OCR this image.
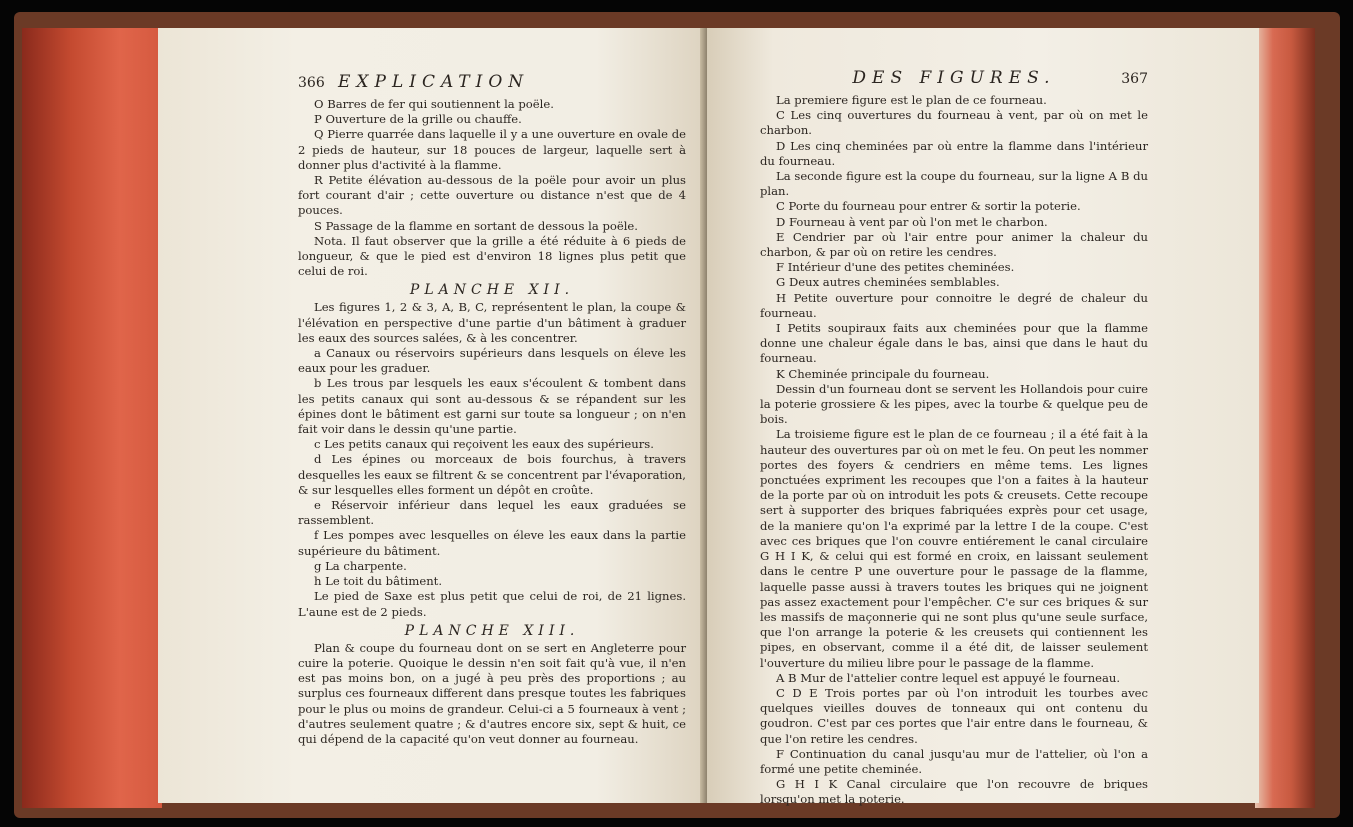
366 EXPLICATION

O Barres de fer qui soutiennent la poële.

P Ouverture de la grille ou chauffe.

Q Pierre quarrée dans laquelle il y a une ouverture en ovale de 2 pieds de hauteur, sur 18 pouces de largeur, laquelle sert à donner plus d'activité à la flamme.

R Petite élévation au-dessous de la poële pour avoir un plus fort courant d'air ; cette ouverture ou distance n'est que de 4 pouces.

S Passage de la flamme en sortant de dessous la poële.

Nota. Il faut observer que la grille a été réduite à 6 pieds de longueur, & que le pied est d'environ 18 lignes plus petit que celui de roi.

PLANCHE XII.

Les figures 1, 2 & 3, A, B, C, représentent le plan, la coupe & l'élévation en perspective d'une partie d'un bâtiment à graduer les eaux des sources salées, & à les concentrer.

a Canaux ou réservoirs supérieurs dans lesquels on éleve les eaux pour les graduer.

b Les trous par lesquels les eaux s'écoulent & tombent dans les petits canaux qui sont au-dessous & se répandent sur les épines dont le bâtiment est garni sur toute sa longueur ; on n'en fait voir dans le dessin qu'une partie.

c Les petits canaux qui reçoivent les eaux des supérieurs.

d Les épines ou morceaux de bois fourchus, à travers desquelles les eaux se filtrent & se concentrent par l'évaporation, & sur lesquelles elles forment un dépôt en croûte.

e Réservoir inférieur dans lequel les eaux graduées se rassemblent.

f Les pompes avec lesquelles on éleve les eaux dans la partie supérieure du bâtiment.

g La charpente.

h Le toit du bâtiment.

Le pied de Saxe est plus petit que celui de roi, de 21 lignes. L'aune est de 2 pieds.

PLANCHE XIII.

Plan & coupe du fourneau dont on se sert en Angleterre pour cuire la poterie. Quoique le dessin n'en soit fait qu'à vue, il n'en est pas moins bon, on a jugé à peu près des proportions ; au surplus ces fourneaux different dans presque toutes les fabriques pour le plus ou moins de grandeur. Celui-ci a 5 fourneaux à vent ; d'autres seulement quatre ; & d'autres encore six, sept & huit, ce qui dépend de la capacité qu'on veut donner au fourneau.

DES FIGURES.	367

La premiere figure est le plan de ce fourneau.

C Les cinq ouvertures du fourneau à vent, par où on met le charbon.

D Les cinq cheminées par où entre la flamme dans l'intérieur du fourneau.

La seconde figure est la coupe du fourneau, sur la ligne A B du plan.

C Porte du fourneau pour entrer & sortir la poterie.

D Fourneau à vent par où l'on met le charbon.

E Cendrier par où l'air entre pour animer la chaleur du charbon, & par où on retire les cendres.

F Intérieur d'une des petites cheminées.

G Deux autres cheminées semblables.

H Petite ouverture pour connoitre le degré de chaleur du fourneau.

I Petits soupiraux faits aux cheminées pour que la flamme donne une chaleur égale dans le bas, ainsi que dans le haut du fourneau.

K Cheminée principale du fourneau.

Dessin d'un fourneau dont se servent les Hollandois pour cuire la poterie grossiere & les pipes, avec la tourbe & quelque peu de bois.

La troisieme figure est le plan de ce fourneau ; il a été fait à la hauteur des ouvertures par où on met le feu. On peut les nommer portes des foyers & cendriers en même tems. Les lignes ponctuées expriment les recoupes que l'on a faites à la hauteur de la porte par où on introduit les pots & creusets. Cette recoupe sert à supporter des briques fabriquées exprès pour cet usage, de la maniere qu'on l'a exprimé par la lettre I de la coupe. C'est avec ces briques que l'on couvre entiérement le canal circulaire G H I K, & celui qui est formé en croix, en laissant seulement dans le centre P une ouverture pour le passage de la flamme, laquelle passe aussi à travers toutes les briques qui ne joignent pas assez exactement pour l'empêcher. C'e sur ces briques & sur les massifs de maçonnerie qui ne sont plus qu'une seule surface, que l'on arrange la poterie & les creusets qui contiennent les pipes, en observant, comme il a été dit, de laisser seulement l'ouverture du milieu libre pour le passage de la flamme.

A B Mur de l'attelier contre lequel est appuyé le fourneau.

C D E Trois portes par où l'on introduit les tourbes avec quelques vieilles douves de tonneaux qui ont contenu du goudron. C'est par ces portes que l'air entre dans le fourneau, & que l'on retire les cendres.

F Continuation du canal jusqu'au mur de l'attelier, où l'on a formé une petite cheminée.

G H I K Canal circulaire que l'on recouvre de briques lorsqu'on met la poterie.
